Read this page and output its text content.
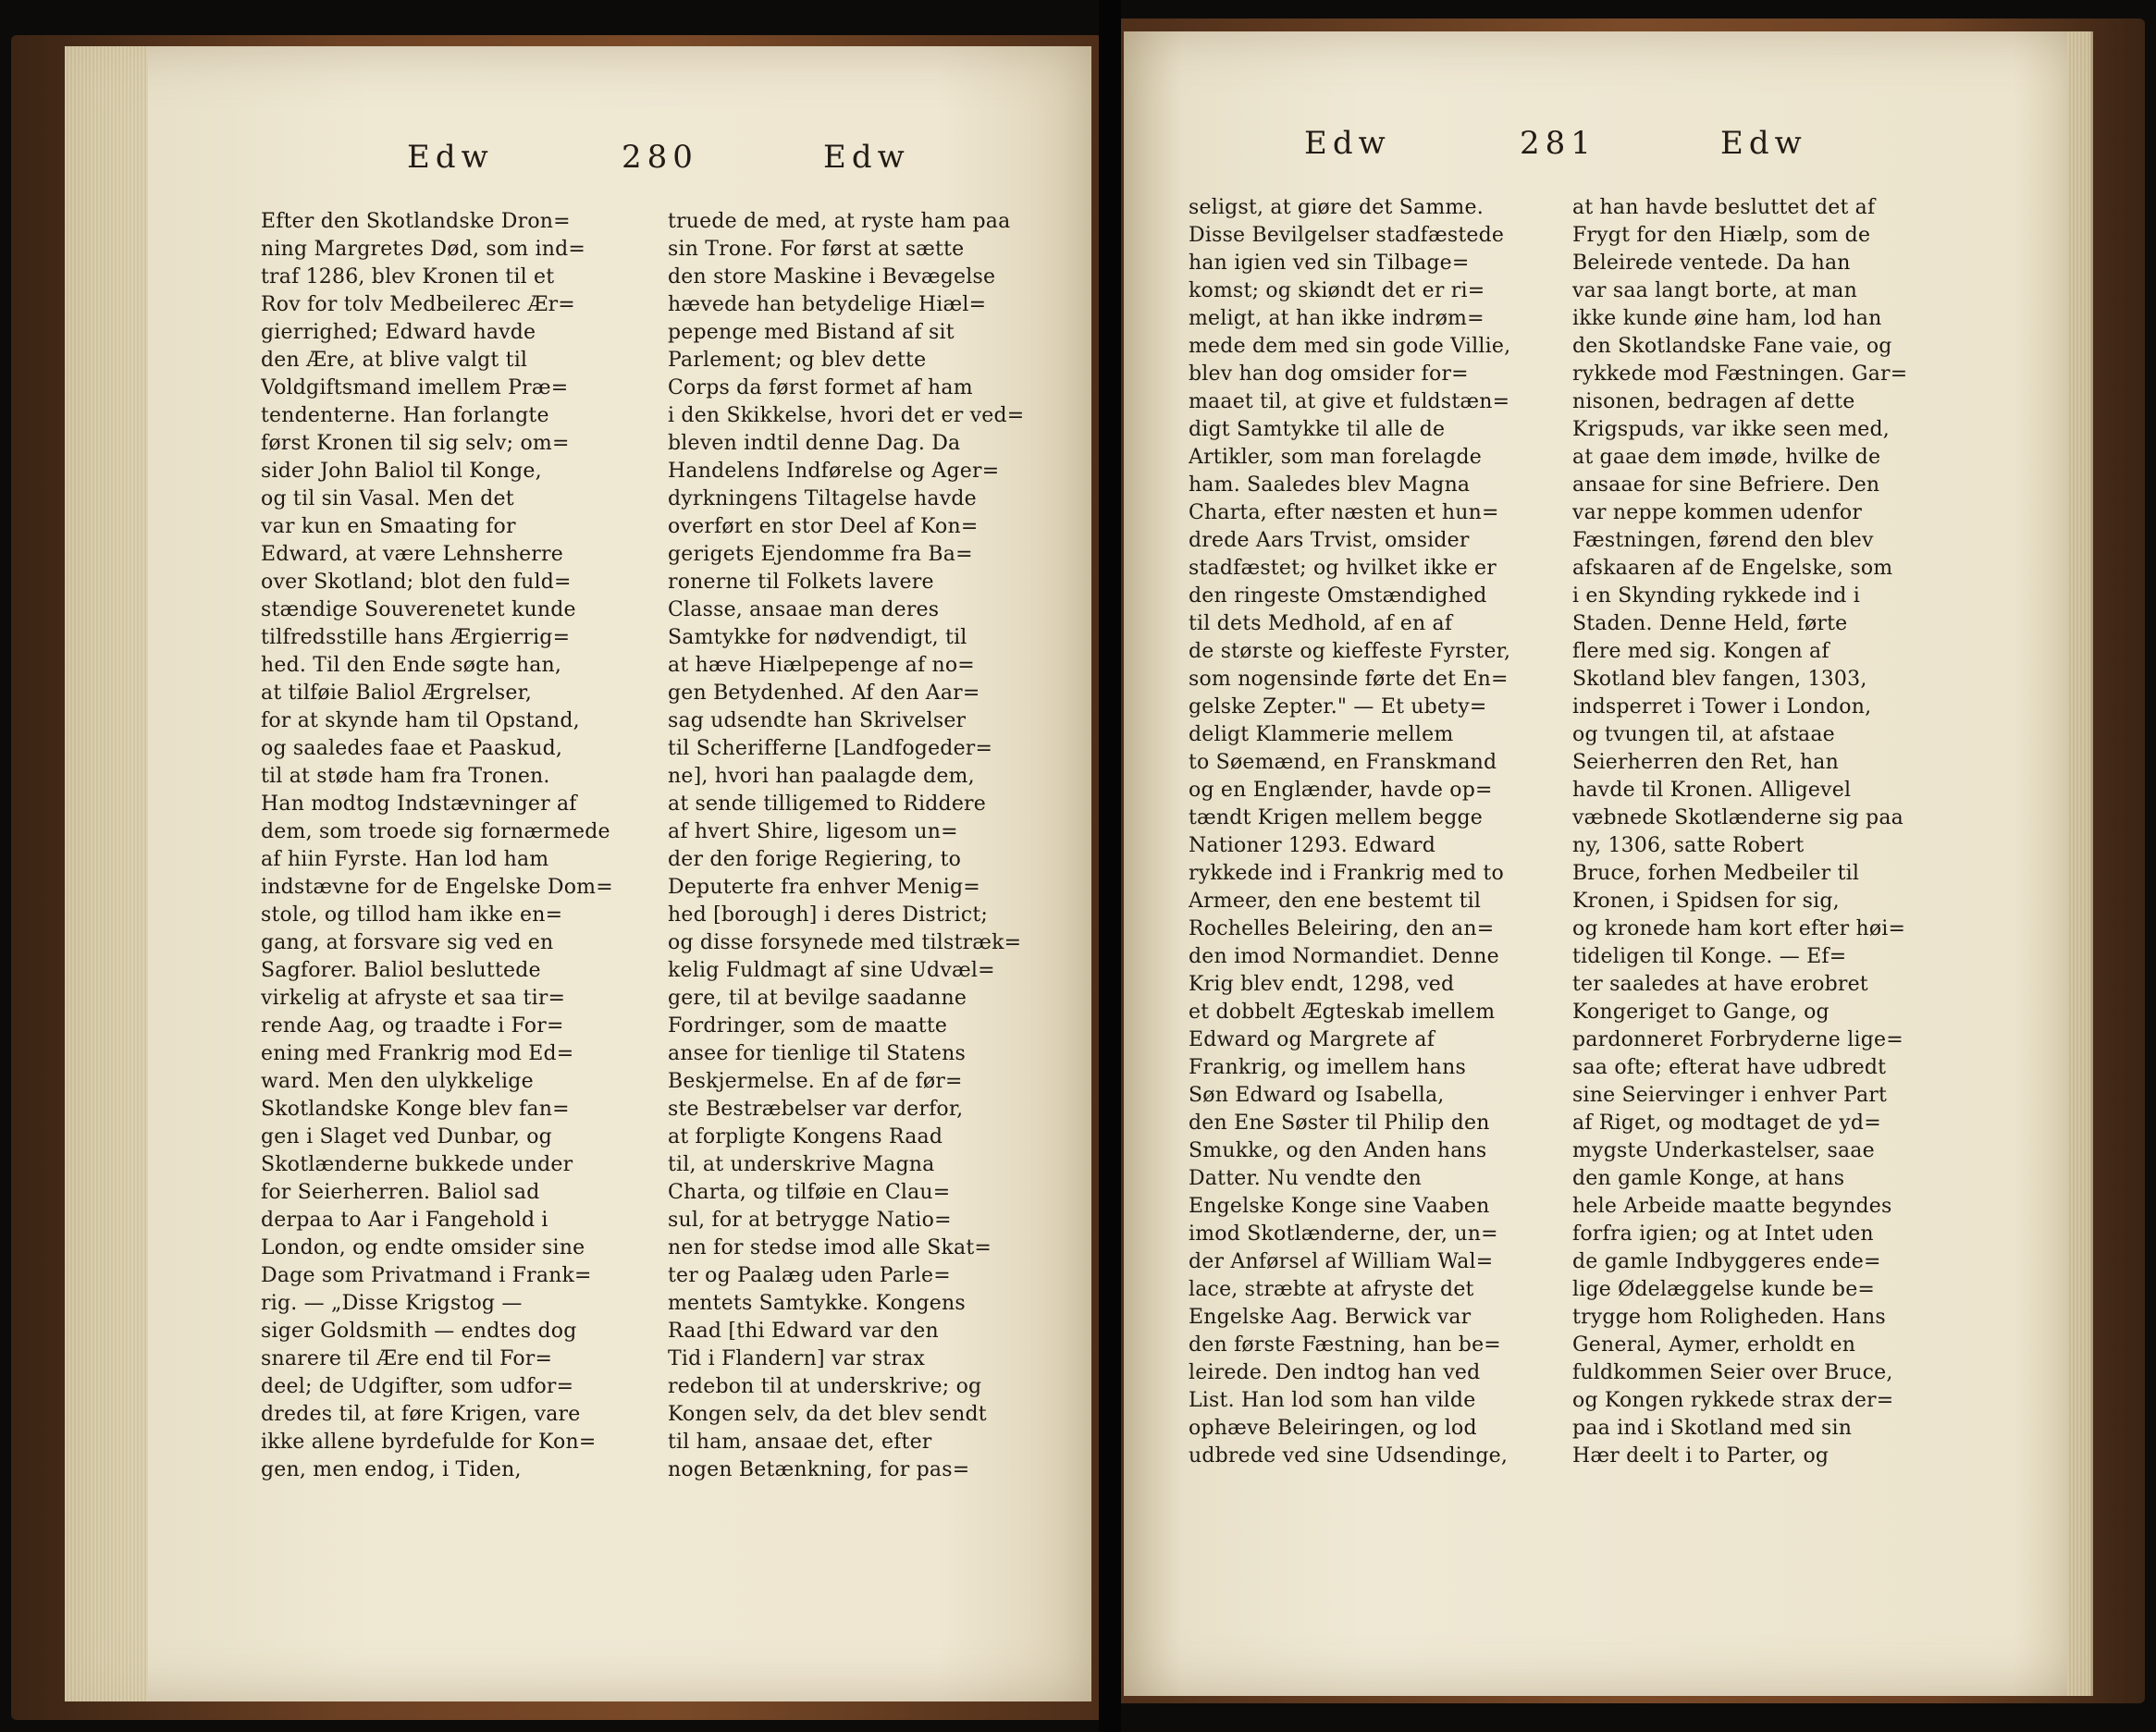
Edw	280	Edw	Edw	281	Edw
Efter den Skotlandske Dron=
ning Margretes Død, som ind=
traf 1286, blev Kronen til et
Rov for tolv Medbeilerес Ær=
gierrighed; Edward havde
den Ære, at blive valgt til
Voldgiftsmand imellem Præ=
tendenterne. Han forlangte
først Kronen til sig selv; om=
sider John Baliol til Konge,
og til sin Vasal. Men det
var kun en Smaating for
Edward, at være Lehnsherre
over Skotland; blot den fuld=
stændige Souverenetet kunde
tilfredsstille hans Ærgierrig=
hed. Til den Ende søgte han,
at tilføie Baliol Ærgrelser,
for at skynde ham til Opstand,
og saaledes faae et Paaskud,
til at støde ham fra Tronen.
Han modtog Indstævninger af
dem, som troede sig fornærmede
af hiin Fyrste. Han lod ham
indstævne for de Engelske Dom=
stole, og tillod ham ikke en=
gang, at forsvare sig ved en
Sagforer. Baliol besluttede
virkelig at afryste et saa tir=
rende Aag, og traadte i For=
ening med Frankrig mod Ed=
ward. Men den ulykkelige
Skotlandske Konge blev fan=
gen i Slaget ved Dunbar, og
Skotlænderne bukkede under
for Seierherren. Baliol sad
derpaa to Aar i Fangehold i
London, og endte omsider sine
Dage som Privatmand i Frank=
rig. — „Disse Krigstog —
siger Goldsmith — endtes dog
snarere til Ære end til For=
deel; de Udgifter, som udfor=
dredes til, at føre Krigen, vare
ikke allene byrdefulde for Kon=
gen, men endog, i Tiden,
truede de med, at ryste ham paa
sin Trone. For først at sætte
den store Maskine i Bevægelse
hævede han betydelige Hiæl=
pepenge med Bistand af sit
Parlement; og blev dette
Corps da først formet af ham
i den Skikkelse, hvori det er ved=
bleven indtil denne Dag. Da
Handelens Indførelse og Ager=
dyrkningens Tiltagelse havde
overført en stor Deel af Kon=
gerigets Ejendomme fra Ba=
ronerne til Folkets lavere
Classe, ansaae man deres
Samtykke for nødvendigt, til
at hæve Hiælpepenge af no=
gen Betydenhed. Af den Aar=
sag udsendte han Skrivelser
til Scherifferne [Landfogeder=
ne], hvori han paalagde dem,
at sende tilligemed to Riddere
af hvert Shire, ligesom un=
der den forige Regiering, to
Deputerte fra enhver Menig=
hed [borough] i deres District;
og disse forsynede med tilstræk=
kelig Fuldmagt af sine Udvæl=
gere, til at bevilge saadanne
Fordringer, som de maatte
ansee for tienlige til Statens
Beskjermelse. En af de før=
ste Bestræbelser var derfor,
at forpligte Kongens Raad
til, at underskrive Magna
Charta, og tilføie en Clau=
sul, for at betrygge Natio=
nen for stedse imod alle Skat=
ter og Paalæg uden Parle=
mentets Samtykke. Kongens
Raad [thi Edward var den
Tid i Flandern] var strax
redebon til at underskrive; og
Kongen selv, da det blev sendt
til ham, ansaae det, efter
nogen Betænkning, for pas=
seligst, at giøre det Samme.
Disse Bevilgelser stadfæstede
han igien ved sin Tilbage=
komst; og skiøndt det er ri=
meligt, at han ikke indrøm=
mede dem med sin gode Villie,
blev han dog omsider for=
maaet til, at give et fuldstæn=
digt Samtykke til alle de
Artikler, som man forelagde
ham. Saaledes blev Magna
Charta, efter næsten et hun=
drede Aars Trvist, omsider
stadfæstet; og hvilket ikke er
den ringeste Omstændighed
til dets Medhold, af en af
de største og kieffeste Fyrster,
som nogensinde førte det En=
gelske Zepter." — Et ubety=
deligt Klammerie mellem
to Søemænd, en Franskmand
og en Englænder, havde op=
tændt Krigen mellem begge
Nationer 1293. Edward
rykkede ind i Frankrig med to
Armeer, den ene bestemt til
Rochelles Beleiring, den an=
den imod Normandiet. Denne
Krig blev endt, 1298, ved
et dobbelt Ægteskab imellem
Edward og Margrete af
Frankrig, og imellem hans
Søn Edward og Isabella,
den Ene Søster til Philip den
Smukke, og den Anden hans
Datter. Nu vendte den
Engelske Konge sine Vaaben
imod Skotlænderne, der, un=
der Anførsel af William Wal=
lace, stræbte at afryste det
Engelske Aag. Berwick var
den første Fæstning, han be=
leirede. Den indtog han ved
List. Han lod som han vilde
ophæve Beleiringen, og lod
udbrede ved sine Udsendinge,
at han havde besluttet det af
Frygt for den Hiælp, som de
Beleirede ventede. Da han
var saa langt borte, at man
ikke kunde øine ham, lod han
den Skotlandske Fane vaie, og
rykkede mod Fæstningen. Gar=
nisonen, bedragen af dette
Krigspuds, var ikke seen med,
at gaae dem imøde, hvilke de
ansaae for sine Befriere. Den
var neppe kommen udenfor
Fæstningen, førend den blev
afskaaren af de Engelske, som
i en Skynding rykkede ind i
Staden. Denne Held, førte
flere med sig. Kongen af
Skotland blev fangen, 1303,
indsperret i Tower i London,
og tvungen til, at afstaae
Seierherren den Ret, han
havde til Kronen. Alligevel
væbnede Skotlænderne sig paa
ny, 1306, satte Robert
Bruce, forhen Medbeiler til
Kronen, i Spidsen for sig,
og kronede ham kort efter høi=
tideligen til Konge. — Ef=
ter saaledes at have erobret
Kongeriget to Gange, og
pardonneret Forbryderne lige=
saa ofte; efterat have udbredt
sine Seiervinger i enhver Part
af Riget, og modtaget de yd=
mygste Underkastelser, saae
den gamle Konge, at hans
hele Arbeide maatte begyndes
forfra igien; og at Intet uden
de gamle Indbyggeres endе=
lige Ødelæggelse kunde be=
trygge hom Roligheden. Hans
General, Aymer, erholdt en
fuldkommen Seier over Bruce,
og Kongen rykkede strax der=
paa ind i Skotland med sin
Hær deelt i to Parter, og
